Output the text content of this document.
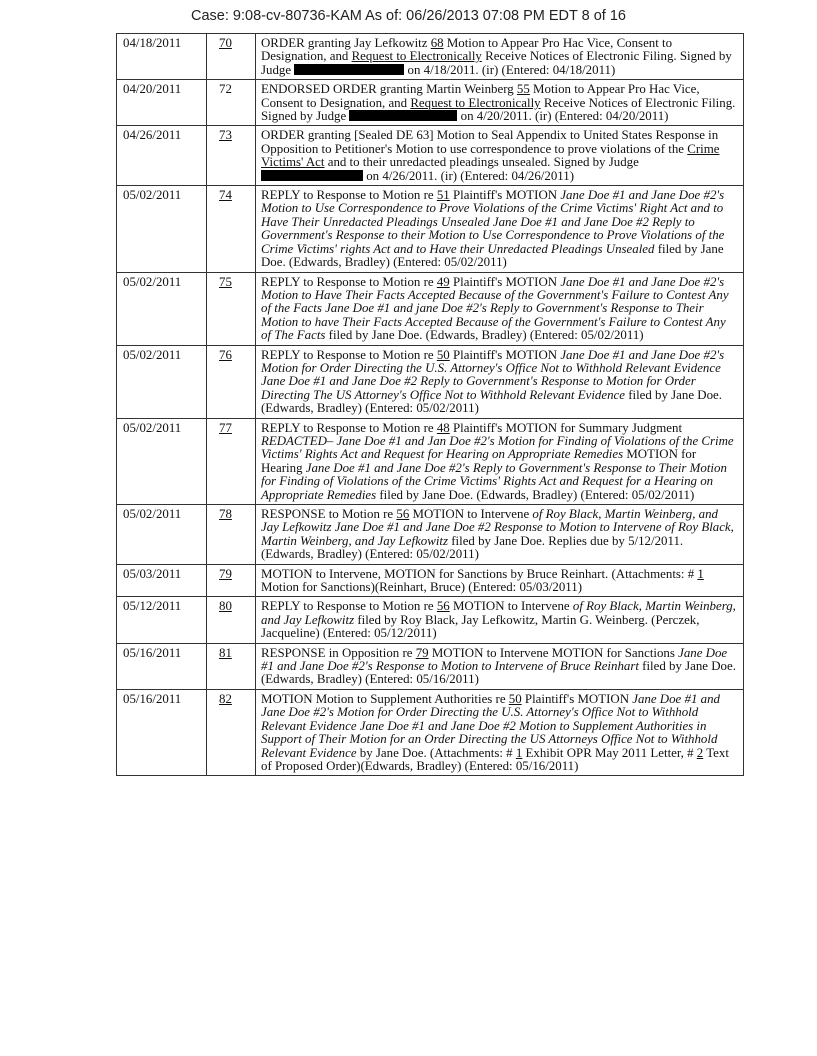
Case: 9:08-cv-80736-KAM As of: 06/26/2013 07:08 PM EDT 8 of 16
04/18/2011	70	ORDER granting Jay Lefkowitz 68 Motion to Appear Pro Hac Vice, Consent to Designation, and Request to Electronically Receive Notices of Electronic Filing. Signed by Judge on 4/18/2011. (ir) (Entered: 04/18/2011)
04/20/2011	72	ENDORSED ORDER granting Martin Weinberg 55 Motion to Appear Pro Hac Vice, Consent to Designation, and Request to Electronically Receive Notices of Electronic Filing. Signed by Judge on 4/20/2011. (ir) (Entered: 04/20/2011)
04/26/2011	73	ORDER granting [Sealed DE 63] Motion to Seal Appendix to United States Response in Opposition to Petitioner's Motion to use correspondence to prove violations of the Crime Victims' Act and to their unredacted pleadings unsealed. Signed by Judge  on 4/26/2011. (ir) (Entered: 04/26/2011)
05/02/2011	74	REPLY to Response to Motion re 51 Plaintiff's MOTION Jane Doe #1 and Jane Doe #2's Motion to Use Correspondence to Prove Violations of the Crime Victims' Right Act and to Have Their Unredacted Pleadings Unsealed Jane Doe #1 and Jane Doe #2 Reply to Government's Response to their Motion to Use Correspondence to Prove Violations of the Crime Victims' rights Act and to Have their Unredacted Pleadings Unsealed filed by Jane Doe. (Edwards, Bradley) (Entered: 05/02/2011)
05/02/2011	75	REPLY to Response to Motion re 49 Plaintiff's MOTION Jane Doe #1 and Jane Doe #2's Motion to Have Their Facts Accepted Because of the Government's Failure to Contest Any of the Facts Jane Doe #1 and jane Doe #2's Reply to Government's Response to Their Motion to have Their Facts Accepted Because of the Government's Failure to Contest Any of The Facts filed by Jane Doe. (Edwards, Bradley) (Entered: 05/02/2011)
05/02/2011	76	REPLY to Response to Motion re 50 Plaintiff's MOTION Jane Doe #1 and Jane Doe #2's Motion for Order Directing the U.S. Attorney's Office Not to Withhold Relevant Evidence Jane Doe #1 and Jane Doe #2 Reply to Government's Response to Motion for Order Directing The US Attorney's Office Not to Withhold Relevant Evidence filed by Jane Doe. (Edwards, Bradley) (Entered: 05/02/2011)
05/02/2011	77	REPLY to Response to Motion re 48 Plaintiff's MOTION for Summary Judgment REDACTED– Jane Doe #1 and Jan Doe #2's Motion for Finding of Violations of the Crime Victims' Rights Act and Request for Hearing on Appropriate Remedies MOTION for Hearing Jane Doe #1 and Jane Doe #2's Reply to Government's Response to Their Motion for Finding of Violations of the Crime Victims' Rights Act and Request for a Hearing on Appropriate Remedies filed by Jane Doe. (Edwards, Bradley) (Entered: 05/02/2011)
05/02/2011	78	RESPONSE to Motion re 56 MOTION to Intervene of Roy Black, Martin Weinberg, and Jay Lefkowitz Jane Doe #1 and Jane Doe #2 Response to Motion to Intervene of Roy Black, Martin Weinberg, and Jay Lefkowitz filed by Jane Doe. Replies due by 5/12/2011. (Edwards, Bradley) (Entered: 05/02/2011)
05/03/2011	79	MOTION to Intervene, MOTION for Sanctions by Bruce Reinhart. (Attachments: # 1 Motion for Sanctions)(Reinhart, Bruce) (Entered: 05/03/2011)
05/12/2011	80	REPLY to Response to Motion re 56 MOTION to Intervene of Roy Black, Martin Weinberg, and Jay Lefkowitz filed by Roy Black, Jay Lefkowitz, Martin G. Weinberg. (Perczek, Jacqueline) (Entered: 05/12/2011)
05/16/2011	81	RESPONSE in Opposition re 79 MOTION to Intervene MOTION for Sanctions Jane Doe #1 and Jane Doe #2's Response to Motion to Intervene of Bruce Reinhart filed by Jane Doe. (Edwards, Bradley) (Entered: 05/16/2011)
05/16/2011	82	MOTION Motion to Supplement Authorities re 50 Plaintiff's MOTION Jane Doe #1 and Jane Doe #2's Motion for Order Directing the U.S. Attorney's Office Not to Withhold Relevant Evidence Jane Doe #1 and Jane Doe #2 Motion to Supplement Authorities in Support of Their Motion for an Order Directing the US Attorneys Office Not to Withhold Relevant Evidence by Jane Doe. (Attachments: # 1 Exhibit OPR May 2011 Letter, # 2 Text of Proposed Order)(Edwards, Bradley) (Entered: 05/16/2011)
